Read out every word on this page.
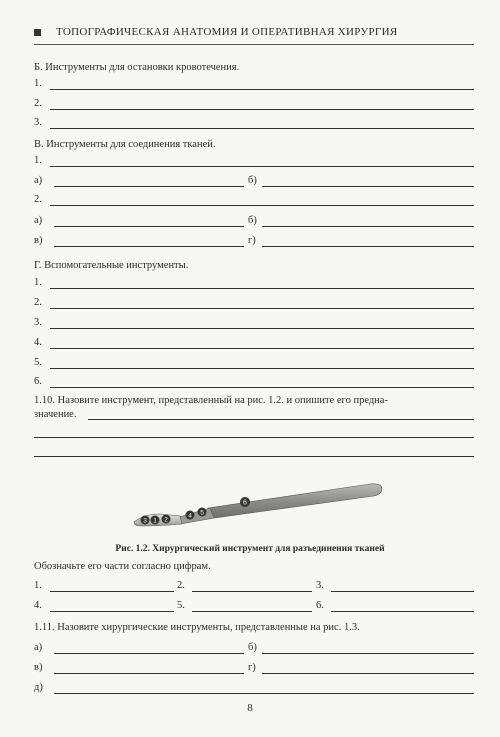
ТОПОГРАФИЧЕСКАЯ АНАТОМИЯ И ОПЕРАТИВНАЯ ХИРУРГИЯ
Б. Инструменты для остановки кровотечения.
1.
2.
3.
В. Инструменты для соединения тканей.
1.
а)	б)
2.
а)	б)
в)	г)
Г. Вспомогательные инструменты.
1.
2.
3.
4.
5.
6.
1.10. Назовите инструмент, представленный на рис. 1.2. и опишите его предна-
значение.
3 1 2
4 5
6
Рис. 1.2. Хирургический инструмент для разъединения тканей
Обозначьте его части согласно цифрам.
1.	2.	3.
4.	5.	6.
1.11. Назовите хирургические инструменты, представленные на рис. 1.3.
а)	б)
в)	г)
д)
8
